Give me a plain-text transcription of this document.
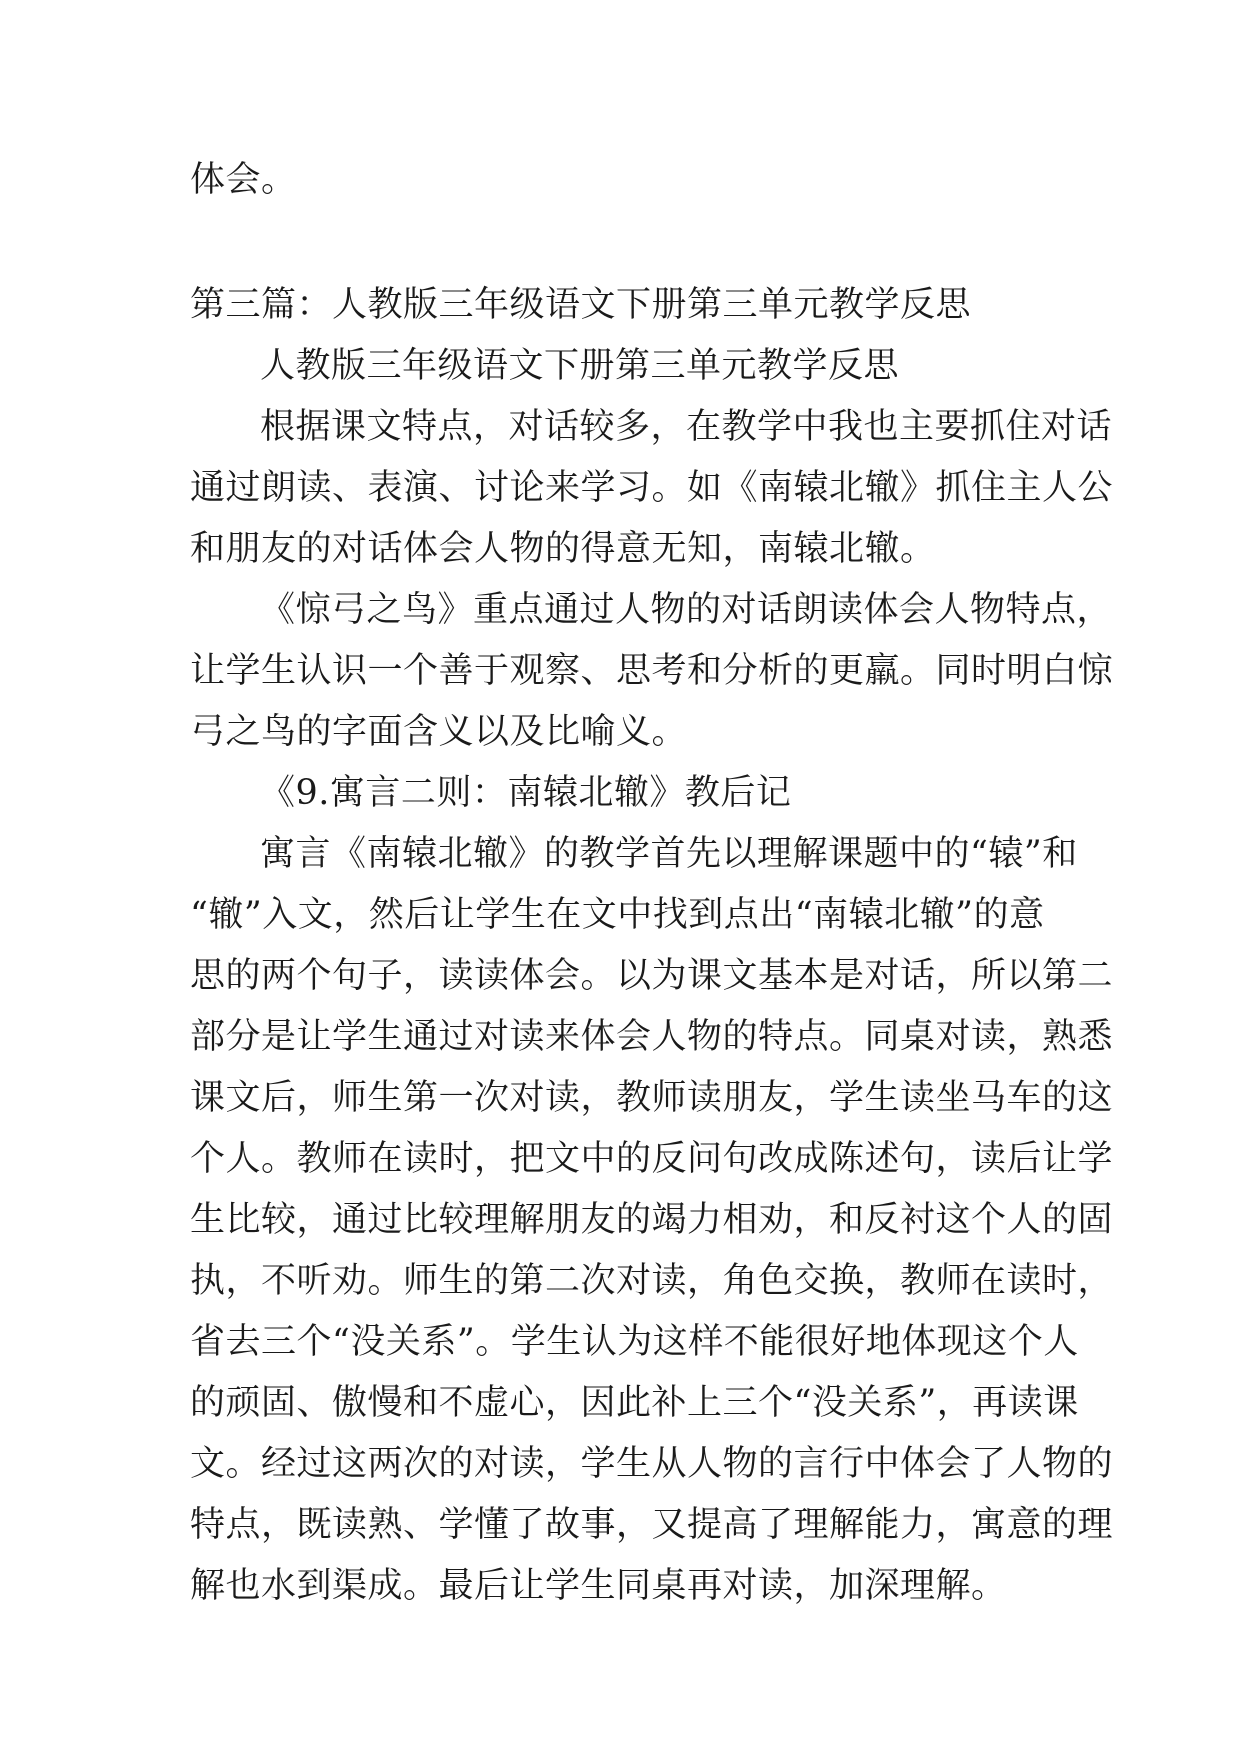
体会。

第三篇：人教版三年级语文下册第三单元教学反思

人教版三年级语文下册第三单元教学反思

根据课文特点，对话较多，在教学中我也主要抓住对话

通过朗读、表演、讨论来学习。如《南辕北辙》抓住主人公

和朋友的对话体会人物的得意无知，南辕北辙。

《惊弓之鸟》重点通过人物的对话朗读体会人物特点，

让学生认识一个善于观察、思考和分析的更羸。同时明白惊

弓之鸟的字面含义以及比喻义。

《9.寓言二则：南辕北辙》教后记

寓言《南辕北辙》的教学首先以理解课题中的“辕”和

“辙”入文，然后让学生在文中找到点出“南辕北辙”的意

思的两个句子，读读体会。以为课文基本是对话，所以第二

部分是让学生通过对读来体会人物的特点。同桌对读，熟悉

课文后，师生第一次对读，教师读朋友，学生读坐马车的这

个人。教师在读时，把文中的反问句改成陈述句，读后让学

生比较，通过比较理解朋友的竭力相劝，和反衬这个人的固

执，不听劝。师生的第二次对读，角色交换，教师在读时，

省去三个“没关系”。学生认为这样不能很好地体现这个人

的顽固、傲慢和不虚心，因此补上三个“没关系”，再读课

文。经过这两次的对读，学生从人物的言行中体会了人物的

特点，既读熟、学懂了故事，又提高了理解能力，寓意的理

解也水到渠成。最后让学生同桌再对读，加深理解。
